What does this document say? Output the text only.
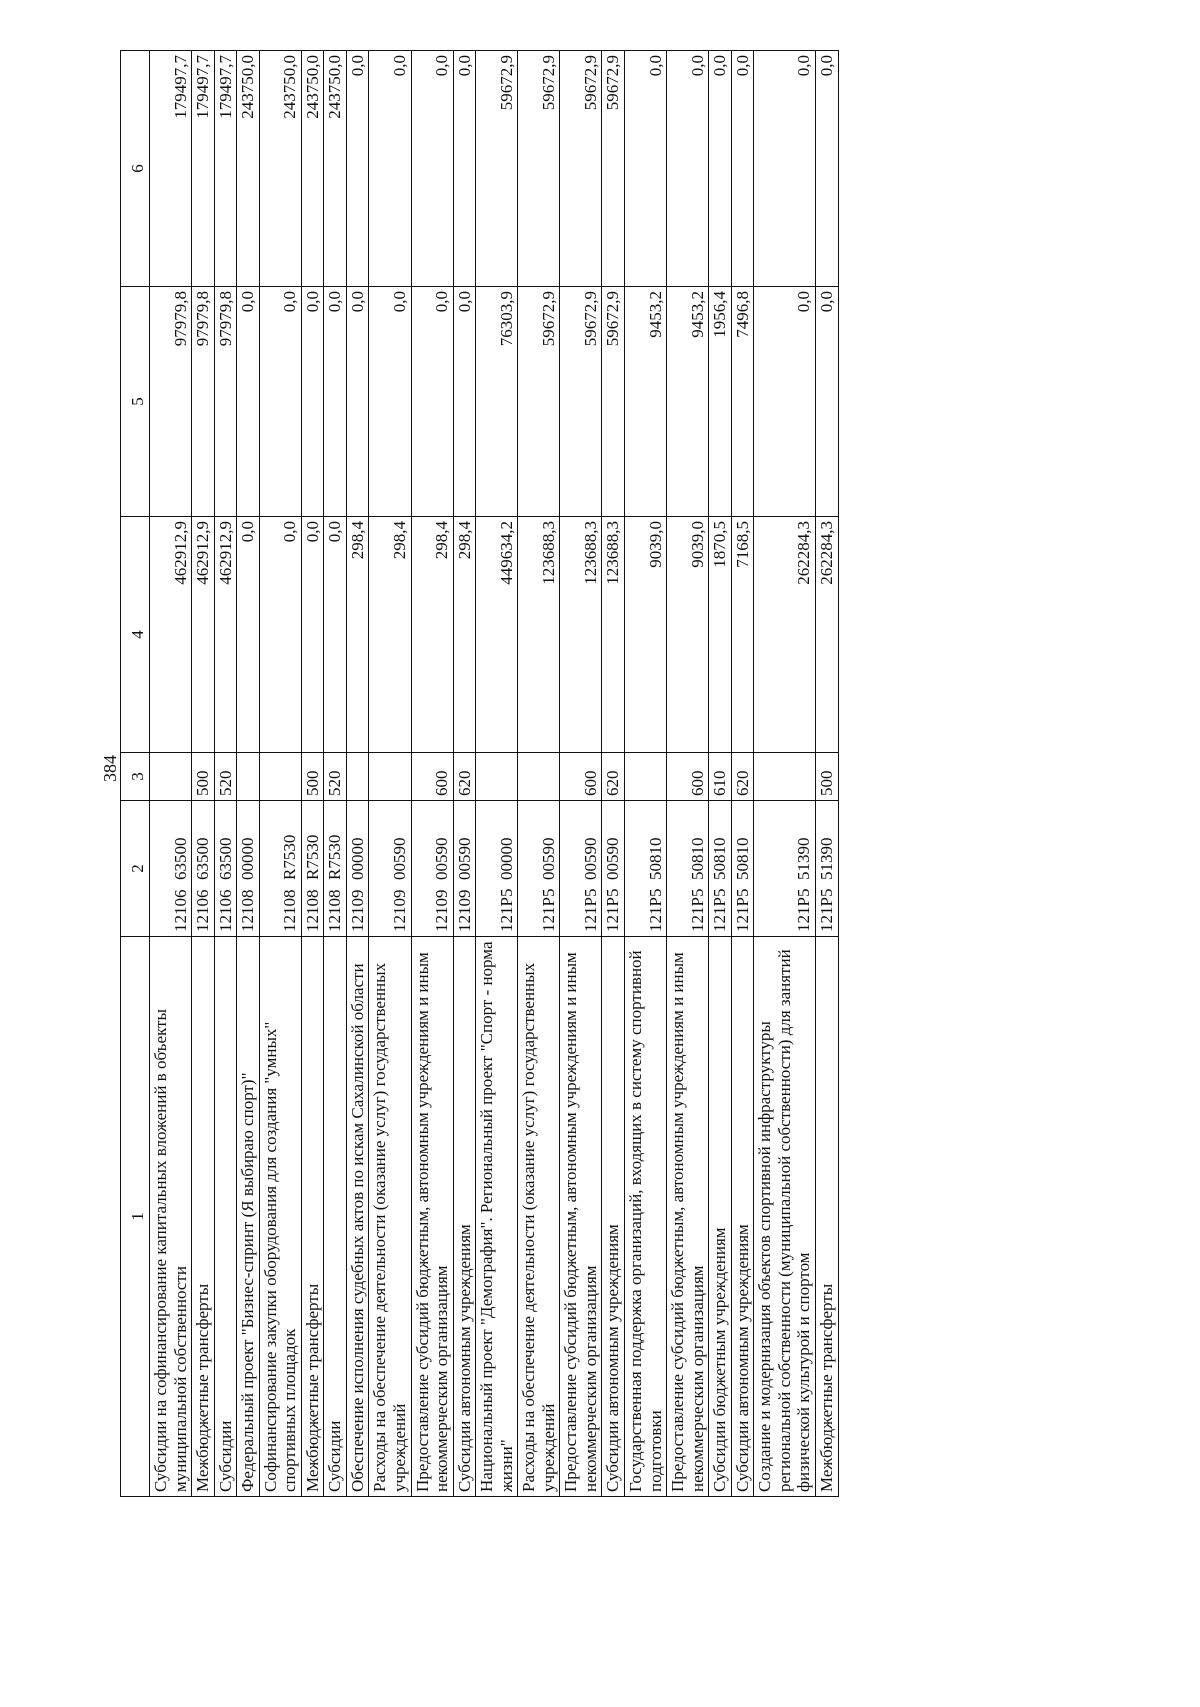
384
1	2	3	4	5	6
Субсидии на софинансирование капитальных вложений в объекты муниципальной собственности	1210663500		462912,9	97979,8	179497,7
Межбюджетные трансферты	1210663500	500	462912,9	97979,8	179497,7
Субсидии	1210663500	520	462912,9	97979,8	179497,7
Федеральный проект "Бизнес-спринт (Я выбираю спорт)"	1210800000		0,0	0,0	243750,0
Софинансирование закупки оборудования для создания "умных" спортивных площадок	12108R7530		0,0	0,0	243750,0
Межбюджетные трансферты	12108R7530	500	0,0	0,0	243750,0
Субсидии	12108R7530	520	0,0	0,0	243750,0
Обеспечение исполнения судебных актов по искам Сахалинской области	1210900000		298,4	0,0	0,0
Расходы на обеспечение деятельности (оказание услуг) государственных учреждений	1210900590		298,4	0,0	0,0
Предоставление субсидий бюджетным, автономным учреждениям и иным некоммерческим организациям	1210900590	600	298,4	0,0	0,0
Субсидии автономным учреждениям	1210900590	620	298,4	0,0	0,0
Национальный проект "Демография". Региональный проект "Спорт - норма жизни"	121P500000		449634,2	76303,9	59672,9
Расходы на обеспечение деятельности (оказание услуг) государственных учреждений	121P500590		123688,3	59672,9	59672,9
Предоставление субсидий бюджетным, автономным учреждениям и иным некоммерческим организациям	121P500590	600	123688,3	59672,9	59672,9
Субсидии автономным учреждениям	121P500590	620	123688,3	59672,9	59672,9
Государственная поддержка организаций, входящих в систему спортивной подготовки	121P550810		9039,0	9453,2	0,0
Предоставление субсидий бюджетным, автономным учреждениям и иным некоммерческим организациям	121P550810	600	9039,0	9453,2	0,0
Субсидии бюджетным учреждениям	121P550810	610	1870,5	1956,4	0,0
Субсидии автономным учреждениям	121P550810	620	7168,5	7496,8	0,0
Создание и модернизация объектов спортивной инфраструктуры региональной собственности (муниципальной собственности) для занятий физической культурой и спортом	121P551390		262284,3	0,0	0,0
Межбюджетные трансферты	121P551390	500	262284,3	0,0	0,0
